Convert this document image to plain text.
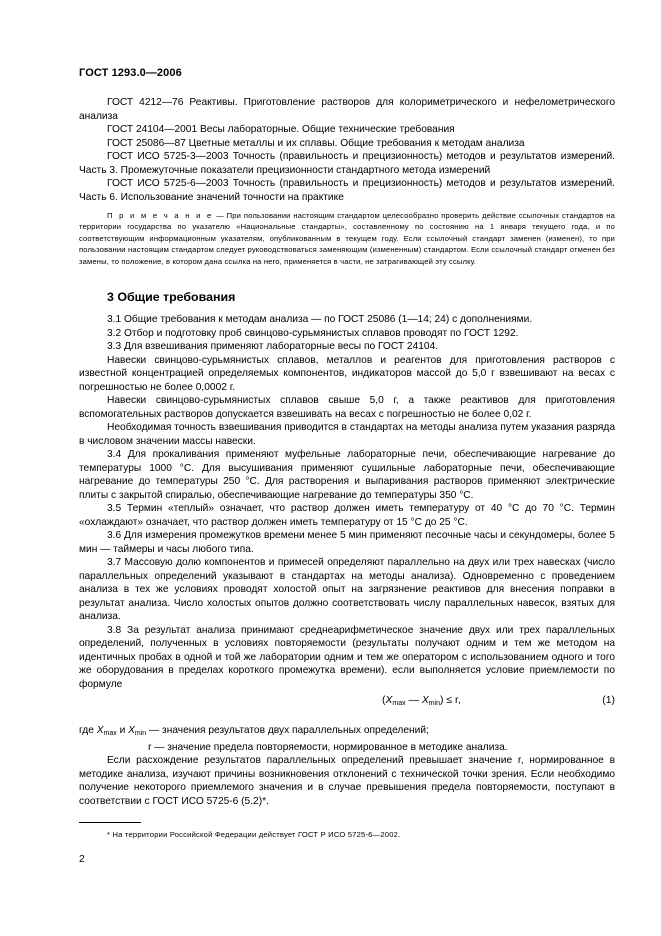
ГОСТ 1293.0—2006

ГОСТ 4212—76 Реактивы. Приготовление растворов для колориметрического и нефелометрического анализа

ГОСТ 24104—2001 Весы лабораторные. Общие технические требования

ГОСТ 25086—87 Цветные металлы и их сплавы. Общие требования к методам анализа

ГОСТ ИСО 5725-3—2003 Точность (правильность и прецизионность) методов и результатов измерений. Часть 3. Промежуточные показатели прецизионности стандартного метода измерений

ГОСТ ИСО 5725-6—2003 Точность (правильность и прецизионность) методов и результатов измерений. Часть 6. Использование значений точности на практике

П р и м е ч а н и е — При пользовании настоящим стандартом целесообразно проверить действие ссылочных стандартов на территории государства по указателю «Национальные стандарты», составленному по состоянию на 1 января текущего года, и по соответствующим информационным указателям, опубликованным в текущем году. Если ссылочный стандарт заменен (изменен), то при пользовании настоящим стандартом следует руководствоваться заменяющим (измененным) стандартом. Если ссылочный стандарт отменен без замены, то положение, в котором дана ссылка на него, применяется в части, не затрагивающей эту ссылку.

3 Общие требования

3.1 Общие требования к методам анализа — по ГОСТ 25086 (1—14; 24) с дополнениями.

3.2 Отбор и подготовку проб свинцово-сурьмянистых сплавов проводят по ГОСТ 1292.

3.3 Для взвешивания применяют лабораторные весы по ГОСТ 24104.

Навески свинцово-сурьмянистых сплавов, металлов и реагентов для приготовления растворов с известной концентрацией определяемых компонентов, индикаторов массой до 5,0 г взвешивают на весах с погрешностью не более 0,0002 г.

Навески свинцово-сурьмянистых сплавов свыше 5,0 г, а также реактивов для приготовления вспомогательных растворов допускается взвешивать на весах с погрешностью не более 0,02 г.

Необходимая точность взвешивания приводится в стандартах на методы анализа путем указания разряда в числовом значении массы навески.

3.4 Для прокаливания применяют муфельные лабораторные печи, обеспечивающие нагревание до температуры 1000 °С. Для высушивания применяют сушильные лабораторные печи, обеспечивающие нагревание до температуры 250 °С. Для растворения и выпаривания растворов применяют электрические плиты с закрытой спиралью, обеспечивающие нагревание до температуры 350 °С.

3.5 Термин «теплый» означает, что раствор должен иметь температуру от 40 °С до 70 °С. Термин «охлаждают» означает, что раствор должен иметь температуру от 15 °С до 25 °С.

3.6 Для измерения промежутков времени менее 5 мин применяют песочные часы и секундомеры, более 5 мин — таймеры и часы любого типа.

3.7 Массовую долю компонентов и примесей определяют параллельно на двух или трех навесках (число параллельных определений указывают в стандартах на методы анализа). Одновременно с проведением анализа в тех же условиях проводят холостой опыт на загрязнение реактивов для внесения поправки в результат анализа. Число холостых опытов должно соответствовать числу параллельных навесок, взятых для анализа.

3.8 За результат анализа принимают среднеарифметическое значение двух или трех параллельных определений, полученных в условиях повторяемости (результаты получают одним и тем же методом на идентичных пробах в одной и той же лаборатории одним и тем же оператором с использованием одного и того же оборудования в пределах короткого промежутка времени). если выполняется условие приемлемости по формуле

($X_{max}$ — $X_{min}) \le r$,	(1)

где $X_{max}$ и $X_{min}$ — значения результатов двух параллельных определений;

r — значение предела повторяемости, нормированное в методике анализа.

Если расхождение результатов параллельных определений превышает значение r, нормированное в методике анализа, изучают причины возникновения отклонений с технической точки зрения. Если необходимо получение некоторого приемлемого значения и в случае превышения предела повторяемости, поступают в соответствии с ГОСТ ИСО 5725-6 (5.2)*.

* На территории Российской Федерации действует ГОСТ Р ИСО 5725-6—2002.
2
